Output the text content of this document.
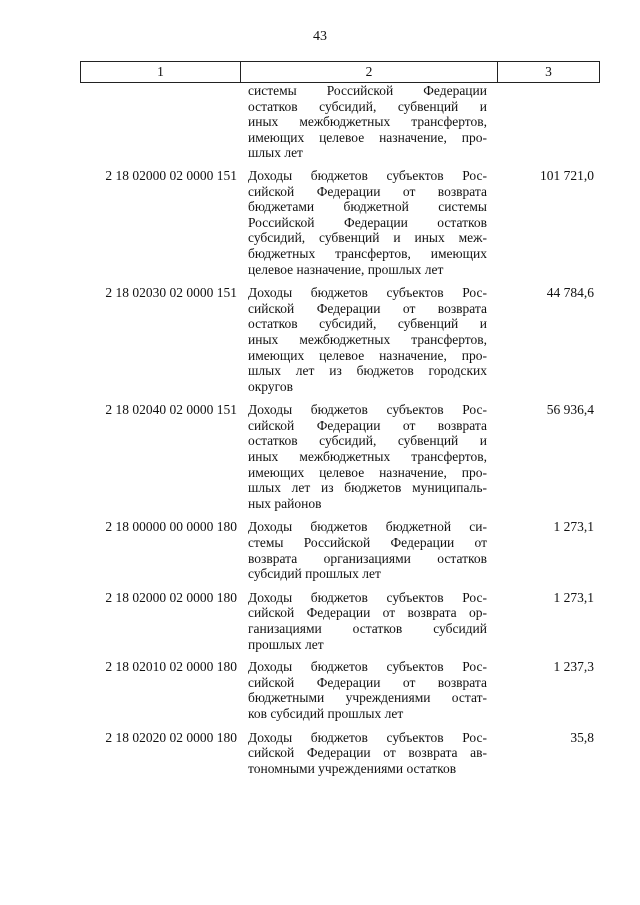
43
1	2	3
системы Российской Федерации
остатков субсидий, субвенций и
иных межбюджетных трансфертов,
имеющих целевое назначение, про-
шлых лет
2 18 02000 02 0000 151 Доходы бюджетов субъектов Рос-
сийской Федерации от возврата
бюджетами бюджетной системы
Российской Федерации остатков
субсидий, субвенций и иных меж-
бюджетных трансфертов, имеющих
целевое назначение, прошлых лет
101 721,0
2 18 02030 02 0000 151 Доходы бюджетов субъектов Рос-
сийской Федерации от возврата
остатков субсидий, субвенций и
иных межбюджетных трансфертов,
имеющих целевое назначение, про-
шлых лет из бюджетов городских
округов
44 784,6
2 18 02040 02 0000 151 Доходы бюджетов субъектов Рос-
сийской Федерации от возврата
остатков субсидий, субвенций и
иных межбюджетных трансфертов,
имеющих целевое назначение, про-
шлых лет из бюджетов муниципаль-
ных районов
56 936,4
2 18 00000 00 0000 180 Доходы бюджетов бюджетной си-
стемы Российской Федерации от
возврата организациями остатков
субсидий прошлых лет
1 273,1
2 18 02000 02 0000 180 Доходы бюджетов субъектов Рос-
сийской Федерации от возврата ор-
ганизациями остатков субсидий
прошлых лет
1 273,1
2 18 02010 02 0000 180 Доходы бюджетов субъектов Рос-
сийской Федерации от возврата
бюджетными учреждениями остат-
ков субсидий прошлых лет
1 237,3
2 18 02020 02 0000 180 Доходы бюджетов субъектов Рос-
сийской Федерации от возврата ав-
тономными учреждениями остатков
35,8
